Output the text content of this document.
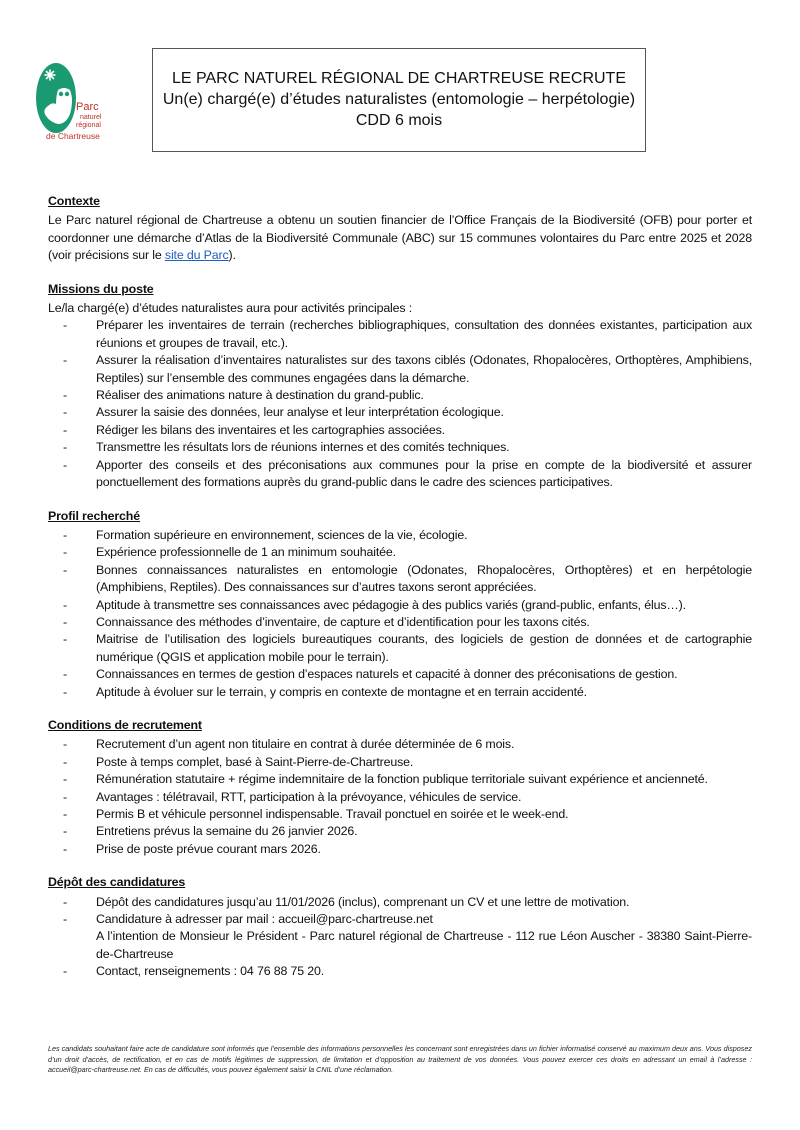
Parc
naturel
régional
de Chartreuse
LE PARC NATUREL RÉGIONAL DE CHARTREUSE RECRUTE
Un(e) chargé(e) d’études naturalistes (entomologie – herpétologie)
CDD 6 mois
Contexte
Le Parc naturel régional de Chartreuse a obtenu un soutien financier de l’Office Français de la Biodiversité (OFB) pour porter et coordonner une démarche d’Atlas de la Biodiversité Communale (ABC) sur 15 communes volontaires du Parc entre 2025 et 2028 (voir précisions sur le site du Parc).
Missions du poste
Le/la chargé(e) d’études naturalistes aura pour activités principales :
- Préparer les inventaires de terrain (recherches bibliographiques, consultation des données existantes, participation aux réunions et groupes de travail, etc.).
- Assurer la réalisation d’inventaires naturalistes sur des taxons ciblés (Odonates, Rhopalocères, Orthoptères, Amphibiens, Reptiles) sur l’ensemble des communes engagées dans la démarche.
- Réaliser des animations nature à destination du grand-public.
- Assurer la saisie des données, leur analyse et leur interprétation écologique.
- Rédiger les bilans des inventaires et les cartographies associées.
- Transmettre les résultats lors de réunions internes et des comités techniques.
- Apporter des conseils et des préconisations aux communes pour la prise en compte de la biodiversité et assurer ponctuellement des formations auprès du grand-public dans le cadre des sciences participatives.
Profil recherché
- Formation supérieure en environnement, sciences de la vie, écologie.
- Expérience professionnelle de 1 an minimum souhaitée.
- Bonnes connaissances naturalistes en entomologie (Odonates, Rhopalocères, Orthoptères) et en herpétologie (Amphibiens, Reptiles). Des connaissances sur d’autres taxons seront appréciées.
- Aptitude à transmettre ses connaissances avec pédagogie à des publics variés (grand-public, enfants, élus…).
- Connaissance des méthodes d’inventaire, de capture et d’identification pour les taxons cités.
- Maitrise de l’utilisation des logiciels bureautiques courants, des logiciels de gestion de données et de cartographie numérique (QGIS et application mobile pour le terrain).
- Connaissances en termes de gestion d’espaces naturels et capacité à donner des préconisations de gestion.
- Aptitude à évoluer sur le terrain, y compris en contexte de montagne et en terrain accidenté.
Conditions de recrutement
- Recrutement d’un agent non titulaire en contrat à durée déterminée de 6 mois.
- Poste à temps complet, basé à Saint-Pierre-de-Chartreuse.
- Rémunération statutaire + régime indemnitaire de la fonction publique territoriale suivant expérience et ancienneté.
- Avantages : télétravail, RTT, participation à la prévoyance, véhicules de service.
- Permis B et véhicule personnel indispensable. Travail ponctuel en soirée et le week-end.
- Entretiens prévus la semaine du 26 janvier 2026.
- Prise de poste prévue courant mars 2026.
Dépôt des candidatures
- Dépôt des candidatures jusqu’au 11/01/2026 (inclus), comprenant un CV et une lettre de motivation.
- Candidature à adresser par mail : accueil@parc-chartreuse.net
A l’intention de Monsieur le Président - Parc naturel régional de Chartreuse - 112 rue Léon Auscher - 38380 Saint-Pierre-de-Chartreuse
- Contact, renseignements : 04 76 88 75 20.
Les candidats souhaitant faire acte de candidature sont informés que l’ensemble des informations personnelles les concernant sont enregistrées dans un fichier informatisé conservé au maximum deux ans. Vous disposez d’un droit d’accès, de rectification, et en cas de motifs légitimes de suppression, de limitation et d’opposition au traitement de vos données. Vous pouvez exercer ces droits en adressant un email à l’adresse : accueil@parc-chartreuse.net. En cas de difficultés, vous pouvez également saisir la CNIL d’une réclamation.
